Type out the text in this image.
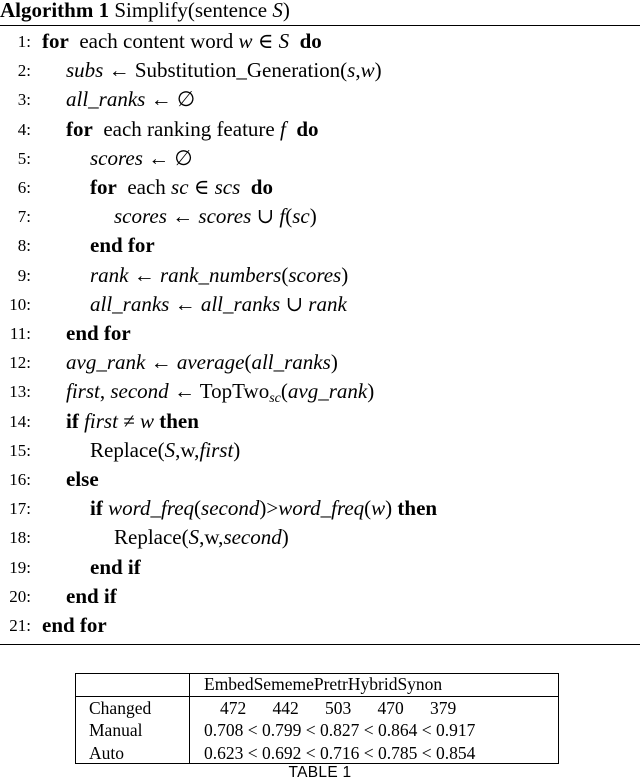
Algorithm 1 Simplify(sentence S)
1: for  each content word w ∈ S do
2: subs ← Substitution_Generation(s,w)
3: all_ranks ← ∅
4: for  each ranking feature f do
5:	scores ← ∅
6:	for  each sc ∈ scs do
7:	scores ← scores ∪ f(sc)
8:	end for
9:	rank ← rank_numbers(scores)
10:	all_ranks ← all_ranks ∪ rank
11: end for
12: avg_rank ← average(all_ranks)
13: first, second ← TopTwo$_{sc}$(avg_rank)
14: if first ≠ w then
15:	Replace(S,w,first)
16: else
17:	if word_freq(second)>word_freq(w) then
18:	Replace(S,w,second)
19:	end if
20: end if
21: end for
	EmbedSememePretrHybridSynon
Changed	472      442      503      470      379
Manual	0.708 < 0.799 < 0.827 < 0.864 < 0.917
Auto	0.623 < 0.692 < 0.716 < 0.785 < 0.854
TABLE 1
